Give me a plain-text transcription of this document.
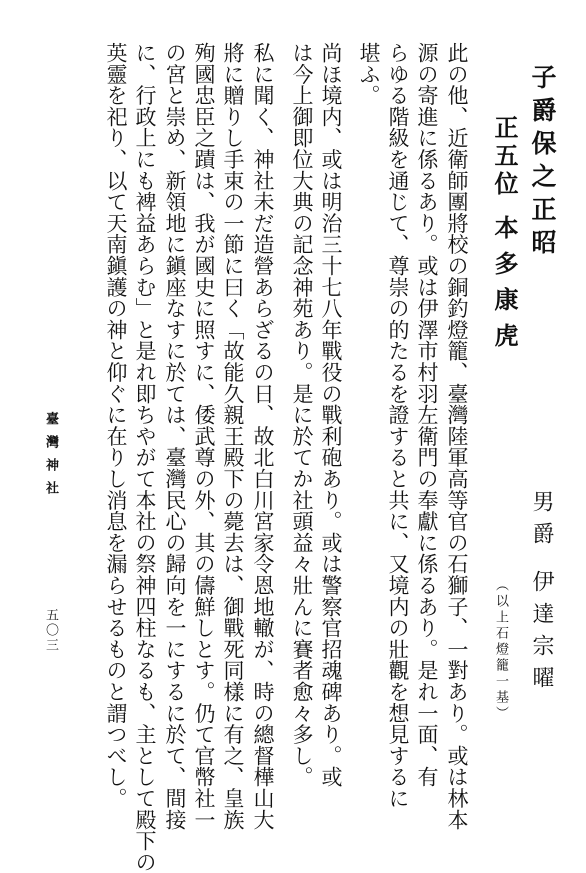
子爵保之正昭
男爵
伊達宗曜
（以上石燈籠一基）
正五位
本多康虎
此の他、近衛師團將校の銅釣燈籠、臺灣陸軍高等官の石獅子、一對あり。或は林本
源の寄進に係るあり。或は伊澤市村羽左衛門の奉獻に係るあり。是れ一面、有
らゆる階級を通じて、尊崇の的たるを證すると共に、又境内の壯觀を想見するに
堪ふ。
尚ほ境内、或は明治三十七八年戰役の戰利砲あり。或は警察官招魂碑あり。或
は今上御即位大典の記念神苑あり。是に於てか社頭益々壯んに賽者愈々多し。
私に聞く、神社未だ造營あらざるの日、故北白川宮家令恩地轍が、時の總督樺山大
將に贈りし手束の一節に曰く「故能久親王殿下の薨去は、御戰死同樣に有之、皇族
殉國忠臣之蹟は、我が國史に照すに、倭武尊の外、其の儔鮮しとす。仍て官幣社一
の宮と崇め、新領地に鎭座なすに於ては、臺灣民心の歸向を一にするに於て、間接
に、行政上にも裨益あらむ」と是れ即ちやがて本社の祭神四柱なるも、主として殿下の
英靈を祀り、以て天南鎭護の神と仰ぐに在りし消息を漏らせるものと謂つべし。
臺灣神社
五〇三
